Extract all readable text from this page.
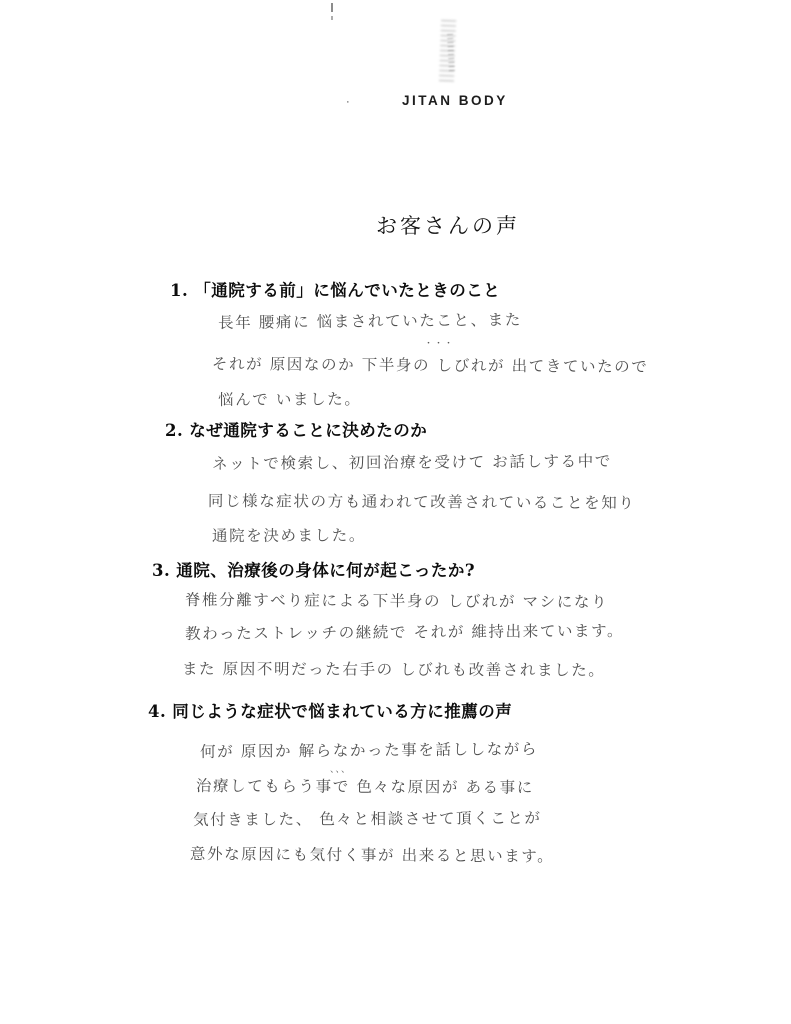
·	JITAN BODY
お客さんの声
1. 「通院する前」に悩んでいたときのこと
長年 腰痛に 悩まされていたこと、また
・・・
それが 原因なのか 下半身の しびれが 出てきていたので
悩んで いました。
2. なぜ通院することに決めたのか
ネットで検索し、初回治療を受けて お話しする中で
同じ様な症状の方も通われて改善されていることを知り
通院を決めました。
3. 通院、治療後の身体に何が起こったか?
脊椎分離すべり症による下半身の しびれが マシになり
教わったストレッチの継続で それが 維持出来ています。
また 原因不明だった右手の しびれも改善されました。
4. 同じような症状で悩まれている方に推薦の声
何が 原因か 解らなかった事を話ししながら
、、、
治療してもらう事で 色々な原因が ある事に
気付きました、 色々と相談させて頂くことが
意外な原因にも気付く事が 出来ると思います。
